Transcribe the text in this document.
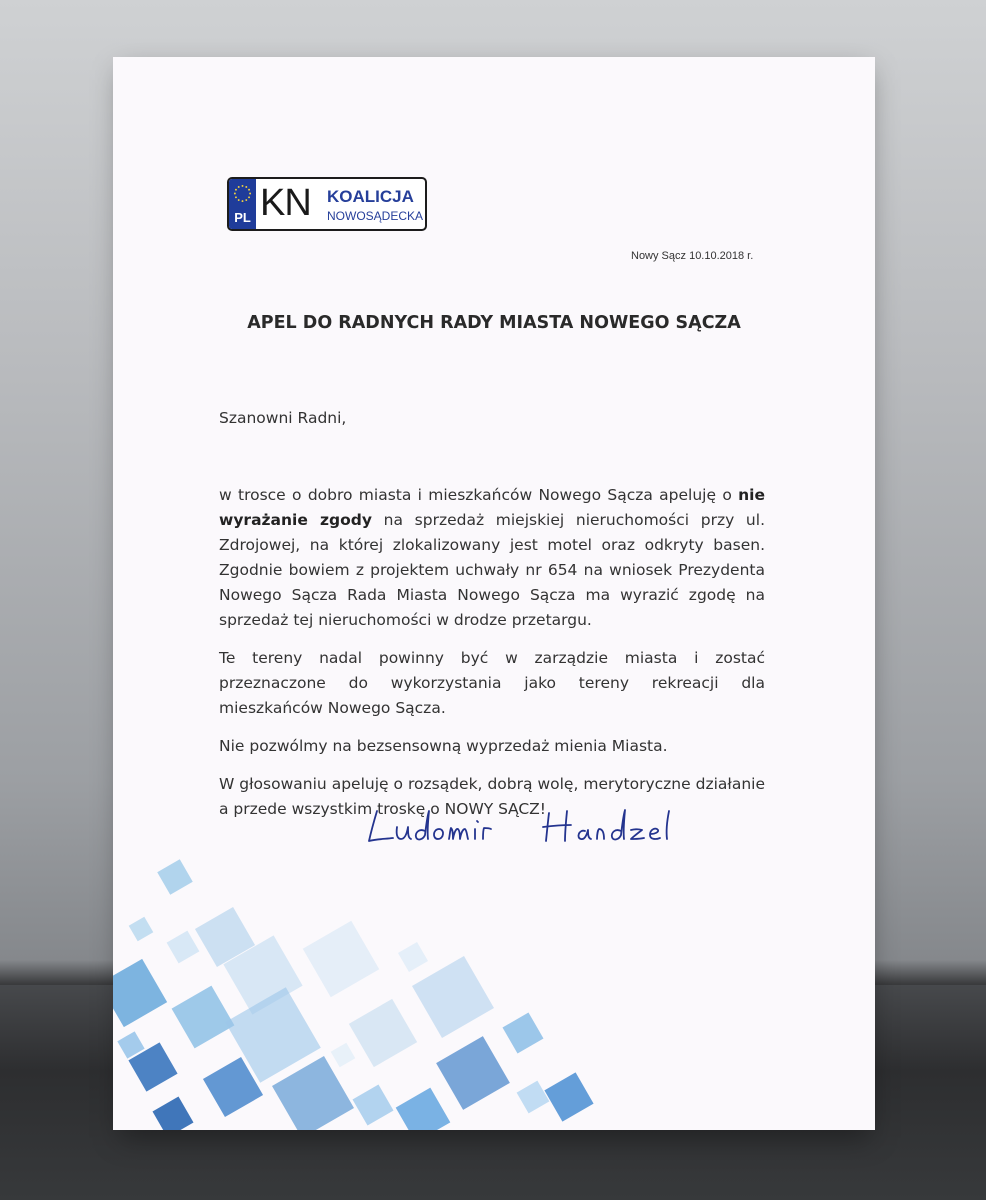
PL KN KOALICJA
NOWOSĄDECKA
Nowy Sącz 10.10.2018 r.
APEL DO RADNYCH RADY MIASTA NOWEGO SĄCZA
Szanowni Radni,

w trosce o dobro miasta i mieszkańców Nowego Sącza apeluję o nie wyrażanie zgody na sprzedaż miejskiej nieruchomości przy ul. Zdrojowej, na której zlokalizowany jest motel oraz odkryty basen. Zgodnie bowiem z projektem uchwały nr 654 na wniosek Prezydenta Nowego Sącza Rada Miasta Nowego Sącza ma wyrazić zgodę na sprzedaż tej nieruchomości w drodze przetargu.

Te tereny nadal powinny być w zarządzie miasta i zostać przeznaczone do wykorzystania jako tereny rekreacji dla mieszkańców Nowego Sącza.

Nie pozwólmy na bezsensowną wyprzedaż mienia Miasta.

W głosowaniu apeluję o rozsądek, dobrą wolę, merytoryczne działanie a przede wszystkim troskę o NOWY SĄCZ!
